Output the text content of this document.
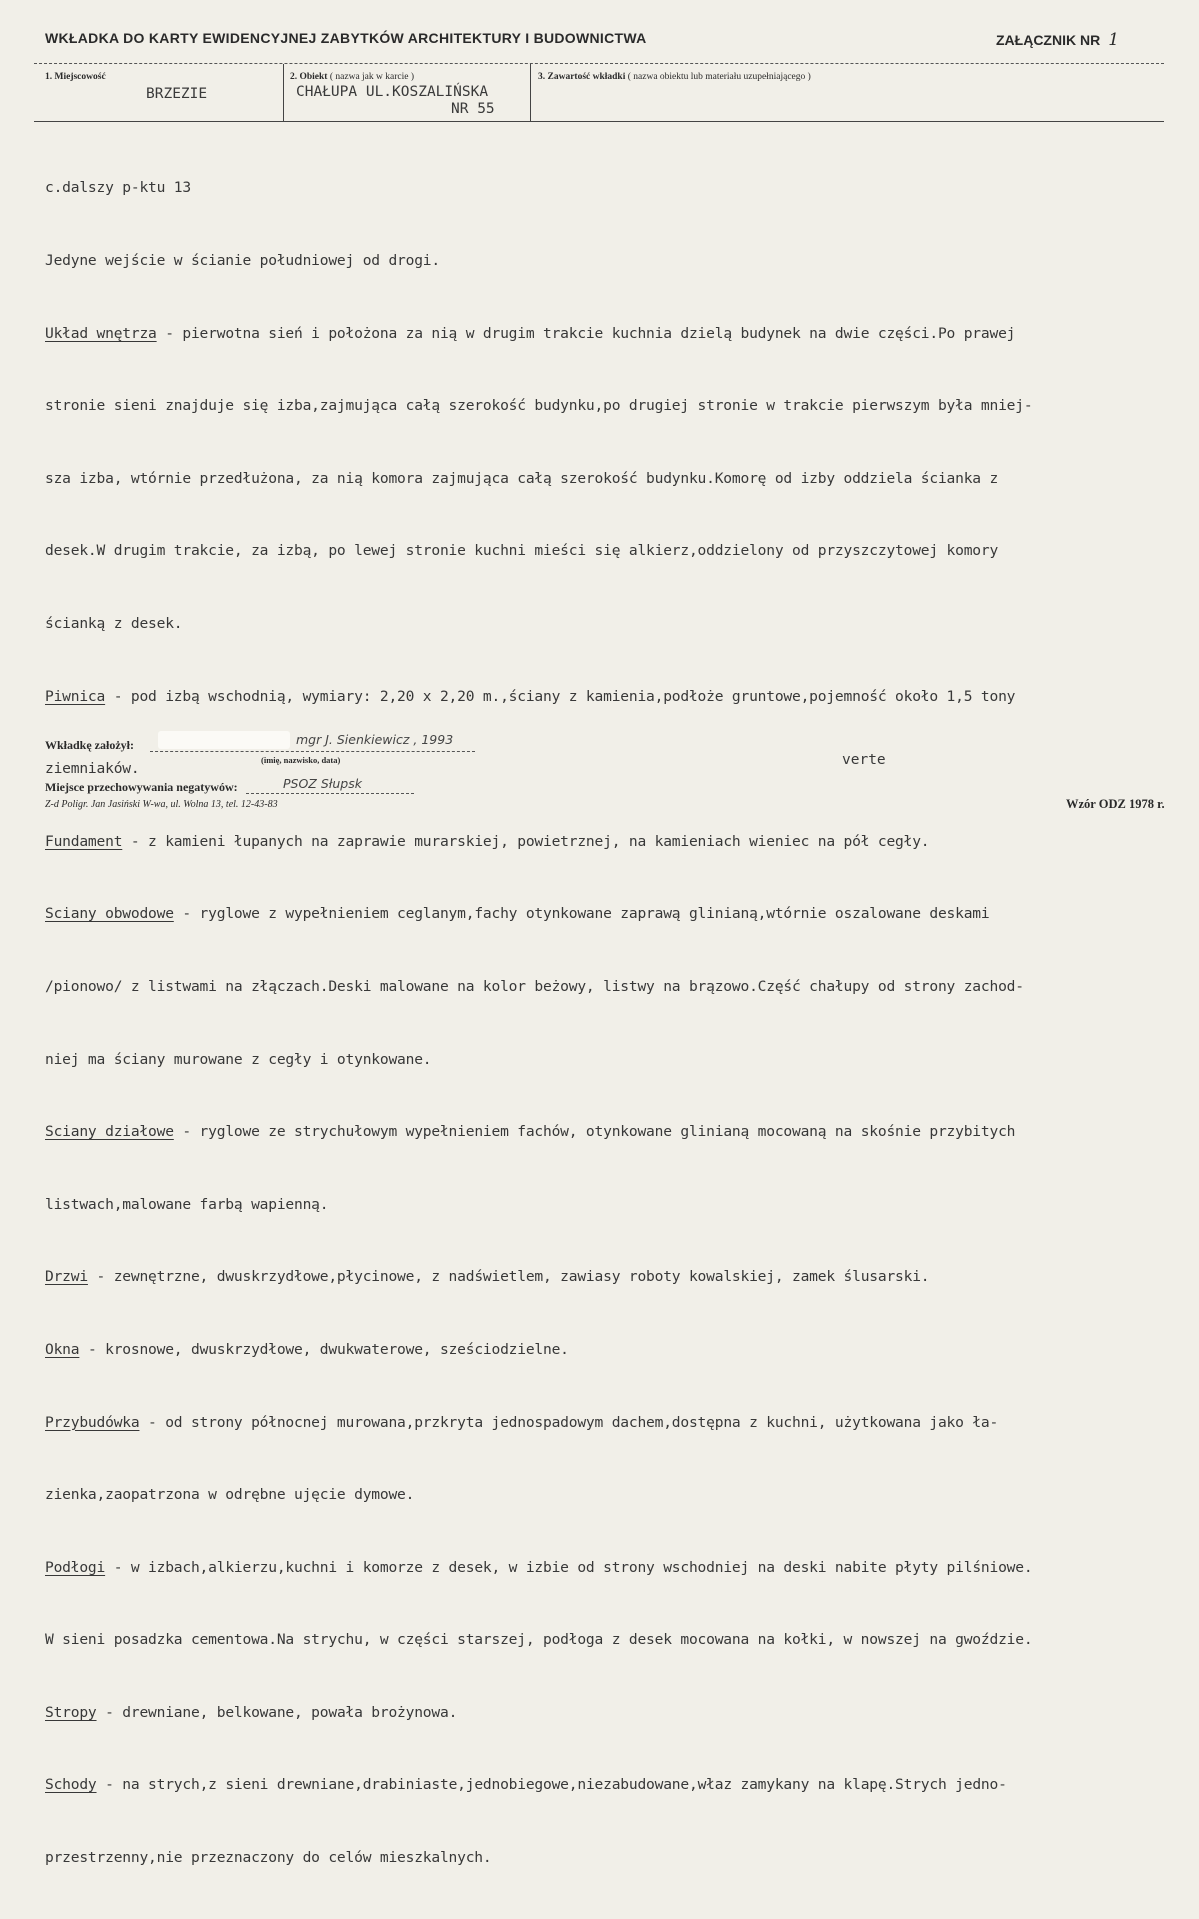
WKŁADKA DO KARTY EWIDENCYJNEJ ZABYTKÓW ARCHITEKTURY I BUDOWNICTWA	ZAŁĄCZNIK NR 1
1. Miejscowość
BRZEZIE
2. Obiekt ( nazwa jak w karcie )
CHAŁUPA UL.KOSZALIŃSKA
NR 55
3. Zawartość wkładki ( nazwa obiektu lub materiału uzupełniającego )

c.dalszy p-ktu 13

Jedyne wejście w ścianie południowej od drogi.

Układ wnętrza - pierwotna sień i położona za nią w drugim trakcie kuchnia dzielą budynek na dwie części.Po prawej

stronie sieni znajduje się izba,zajmująca całą szerokość budynku,po drugiej stronie w trakcie pierwszym była mniej-

sza izba, wtórnie przedłużona, za nią komora zajmująca całą szerokość budynku.Komorę od izby oddziela ścianka z

desek.W drugim trakcie, za izbą, po lewej stronie kuchni mieści się alkierz,oddzielony od przyszczytowej komory

ścianką z desek.

Piwnica - pod izbą wschodnią, wymiary: 2,20 x 2,20 m.,ściany z kamienia,podłoże gruntowe,pojemność około 1,5 tony

ziemniaków.

Fundament - z kamieni łupanych na zaprawie murarskiej, powietrznej, na kamieniach wieniec na pół cegły.

Sciany obwodowe - ryglowe z wypełnieniem ceglanym,fachy otynkowane zaprawą glinianą,wtórnie oszalowane deskami

/pionowo/ z listwami na złączach.Deski malowane na kolor beżowy, listwy na brązowo.Część chałupy od strony zachod-

niej ma ściany murowane z cegły i otynkowane.

Sciany działowe - ryglowe ze strychułowym wypełnieniem fachów, otynkowane glinianą mocowaną na skośnie przybitych

listwach,malowane farbą wapienną.

Drzwi - zewnętrzne, dwuskrzydłowe,płycinowe, z nadświetlem, zawiasy roboty kowalskiej, zamek ślusarski.

Okna - krosnowe, dwuskrzydłowe, dwukwaterowe, sześciodzielne.

Przybudówka - od strony północnej murowana,przkryta jednospadowym dachem,dostępna z kuchni, użytkowana jako ła-

zienka,zaopatrzona w odrębne ujęcie dymowe.

Podłogi - w izbach,alkierzu,kuchni i komorze z desek, w izbie od strony wschodniej na deski nabite płyty pilśniowe.

W sieni posadzka cementowa.Na strychu, w części starszej, podłoga z desek mocowana na kołki, w nowszej na gwoździe.

Stropy - drewniane, belkowane, powała brożynowa.

Schody - na strych,z sieni drewniane,drabiniaste,jednobiegowe,niezabudowane,właz zamykany na klapę.Strych jedno-

przestrzenny,nie przeznaczony do celów mieszkalnych.

Wkładkę założył:	mgr J. Sienkiewicz , 1993
(imię, nazwisko, data)	verte
Miejsce przechowywania negatywów:	PSOZ Słupsk
Z-d Poligr. Jan Jasiński W-wa, ul. Wolna 13, tel. 12-43-83	Wzór ODZ 1978 r.
